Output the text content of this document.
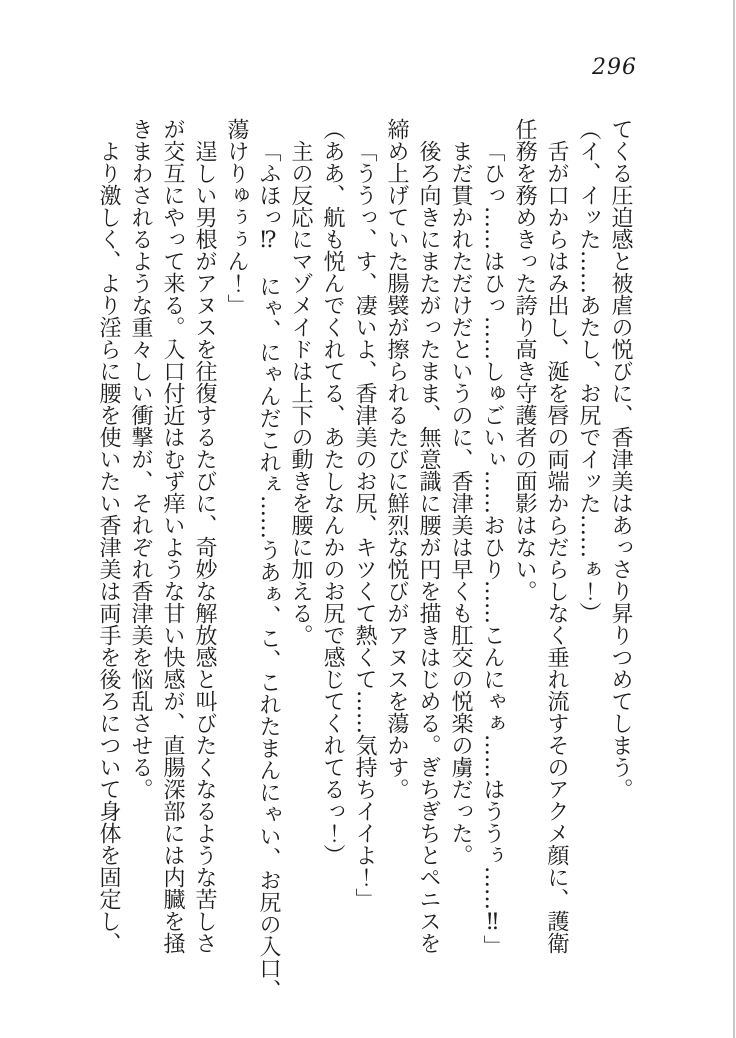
296

てくる圧迫感と被虐の悦びに、香津美はあっさり昇りつめてしまう。

（イ、イッた……あたし、お尻でイッた……ぁ！）

舌が口からはみ出し、涎を唇の両端からだらしなく垂れ流すそのアクメ顔に、護衛

任務を務めきった誇り高き守護者の面影はない。

「ひっ……はひっ……しゅごいぃ……おひり……こんにゃぁ……はううぅ……‼」

まだ貫かれただけだというのに、香津美は早くも肛交の悦楽の虜だった。

後ろ向きにまたがったまま、無意識に腰が円を描きはじめる。ぎちぎちとペニスを

締め上げていた腸襞が擦られるたびに鮮烈な悦びがアヌスを蕩かす。

「ううっ、す、凄いよ、香津美のお尻、キツくて熱くて……気持ちイイよ！」

（ああ、航も悦んでくれてる、あたしなんかのお尻で感じてくれてるっ！）

主の反応にマゾメイドは上下の動きを腰に加える。

「ふほっ⁉　にゃ、にゃんだこれぇ……うあぁ、こ、これたまんにゃい、お尻の入口、

蕩けりゅぅぅん！」

逞しい男根がアヌスを往復するたびに、奇妙な解放感と叫びたくなるような苦しさ

が交互にやって来る。入口付近はむず痒いような甘い快感が、直腸深部には内臓を掻

きまわされるような重々しい衝撃が、それぞれ香津美を悩乱させる。

より激しく、より淫らに腰を使いたい香津美は両手を後ろについて身体を固定し、
